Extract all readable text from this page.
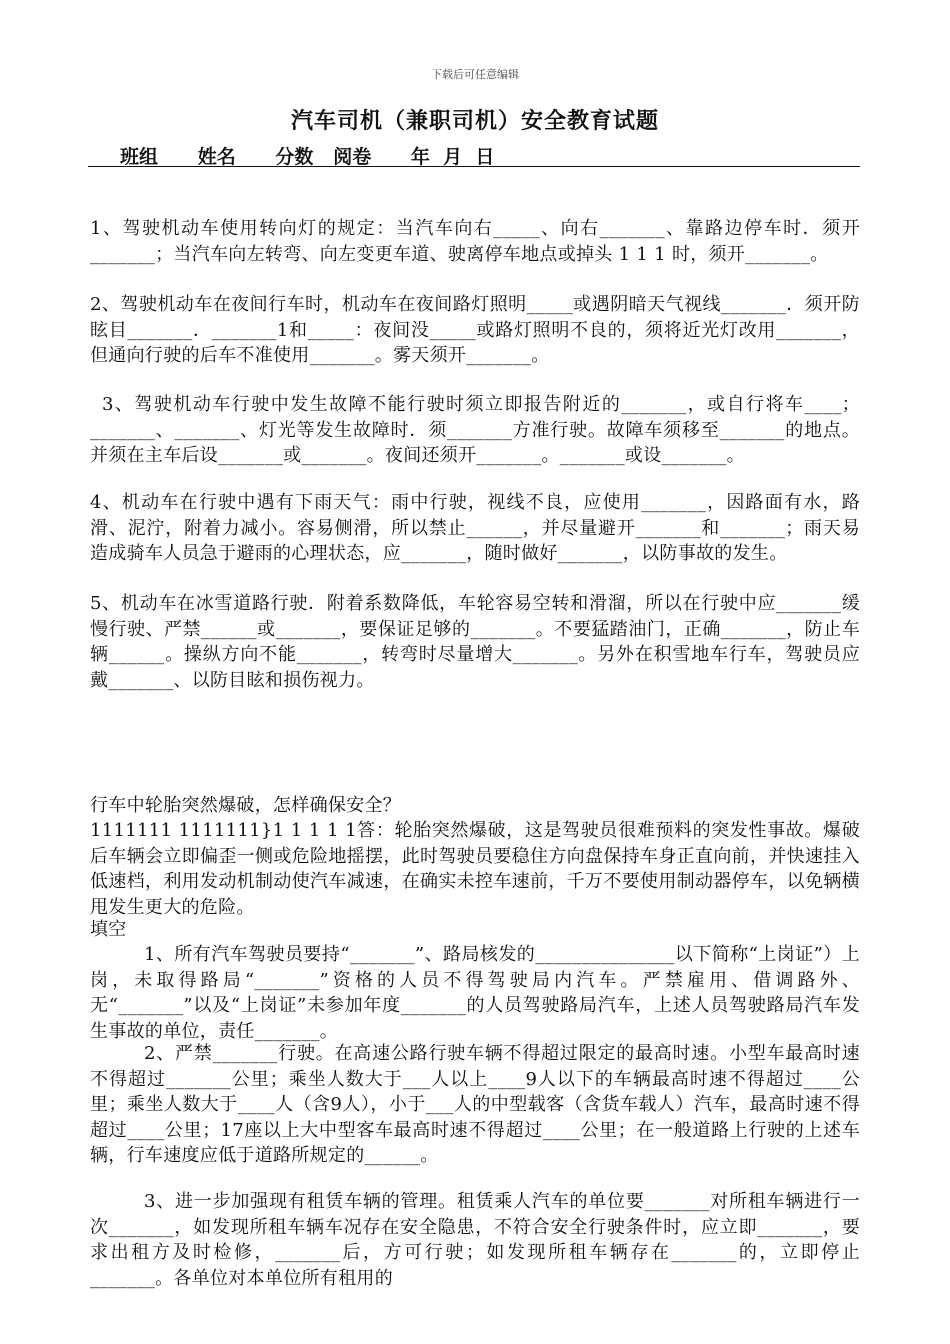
下载后可任意编辑
汽车司机（兼职司机）安全教育试题
班组      姓名      分数   阅卷      年  月  日

1、驾驶机动车使用转向灯的规定：当汽车向右_____、向右_______、靠路边停车时．须开_______；当汽车向左转弯、向左变更车道、驶离停车地点或掉头 1 1 1 时，须开_______。

2、驾驶机动车在夜间行车时，机动车在夜间路灯照明_____或遇阴暗天气视线_______．须开防眩目_______．_______1和_____：夜间没_____或路灯照明不良的，须将近光灯改用_______，但通向行驶的后车不准使用_______。雾天须开_______。

3、驾驶机动车行驶中发生故障不能行驶时须立即报告附近的_______，或自行将车____；_______、_______、灯光等发生故障时．须_______方准行驶。故障车须移至_______的地点。并须在主车后设_______或_______。夜间还须开_______。_______或设_______。

4、机动车在行驶中遇有下雨天气：雨中行驶，视线不良，应使用_______，因路面有水，路滑、泥泞，附着力减小。容易侧滑，所以禁止______，并尽量避开_______和_______；雨天易造成骑车人员急于避雨的心理状态，应_______，随时做好_______，以防事故的发生。

5、机动车在冰雪道路行驶．附着系数降低，车轮容易空转和滑溜，所以在行驶中应_______缓慢行驶、严禁______或_______，要保证足够的_______。不要猛踏油门，正确_______，防止车辆______。操纵方向不能_______，转弯时尽量增大_______。另外在积雪地车行车，驾驶员应戴_______、以防目眩和损伤视力。

行车中轮胎突然爆破，怎样确保安全？

1111111 1111111}1 1 1 1 1答：轮胎突然爆破，这是驾驶员很难预料的突发性事故。爆破后车辆会立即偏歪一侧或危险地摇摆，此时驾驶员要稳住方向盘保持车身正直向前，并快速挂入低速档，利用发动机制动使汽车减速，在确实未控车速前，千万不要使用制动器停车，以免辆横甩发生更大的危险。

填空

1、所有汽车驾驶员要持“_______”、路局核发的_______________以下简称“上岗证”）上岗，未取得路局“_______”资格的人员不得驾驶局内汽车。严禁雇用、借调路外、无“_______”以及“上岗证”未参加年度_______的人员驾驶路局汽车，上述人员驾驶路局汽车发生事故的单位，责任_______。

2、严禁_______行驶。在高速公路行驶车辆不得超过限定的最高时速。小型车最高时速不得超过_______公里；乘坐人数大于___人以上____9人以下的车辆最高时速不得超过____公里；乘坐人数大于____人（含9人），小于___人的中型载客（含货车载人）汽车，最高时速不得超过____公里；17座以上大中型客车最高时速不得超过____公里；在一般道路上行驶的上述车辆，行车速度应低于道路所规定的______。

3、进一步加强现有租赁车辆的管理。租赁乘人汽车的单位要_______对所租车辆进行一次_______，如发现所租车辆车况存在安全隐患，不符合安全行驶条件时，应立即_______，要求出租方及时检修，_______后，方可行驶；如发现所租车辆存在_______的，立即停止_______。各单位对本单位所有租用的
